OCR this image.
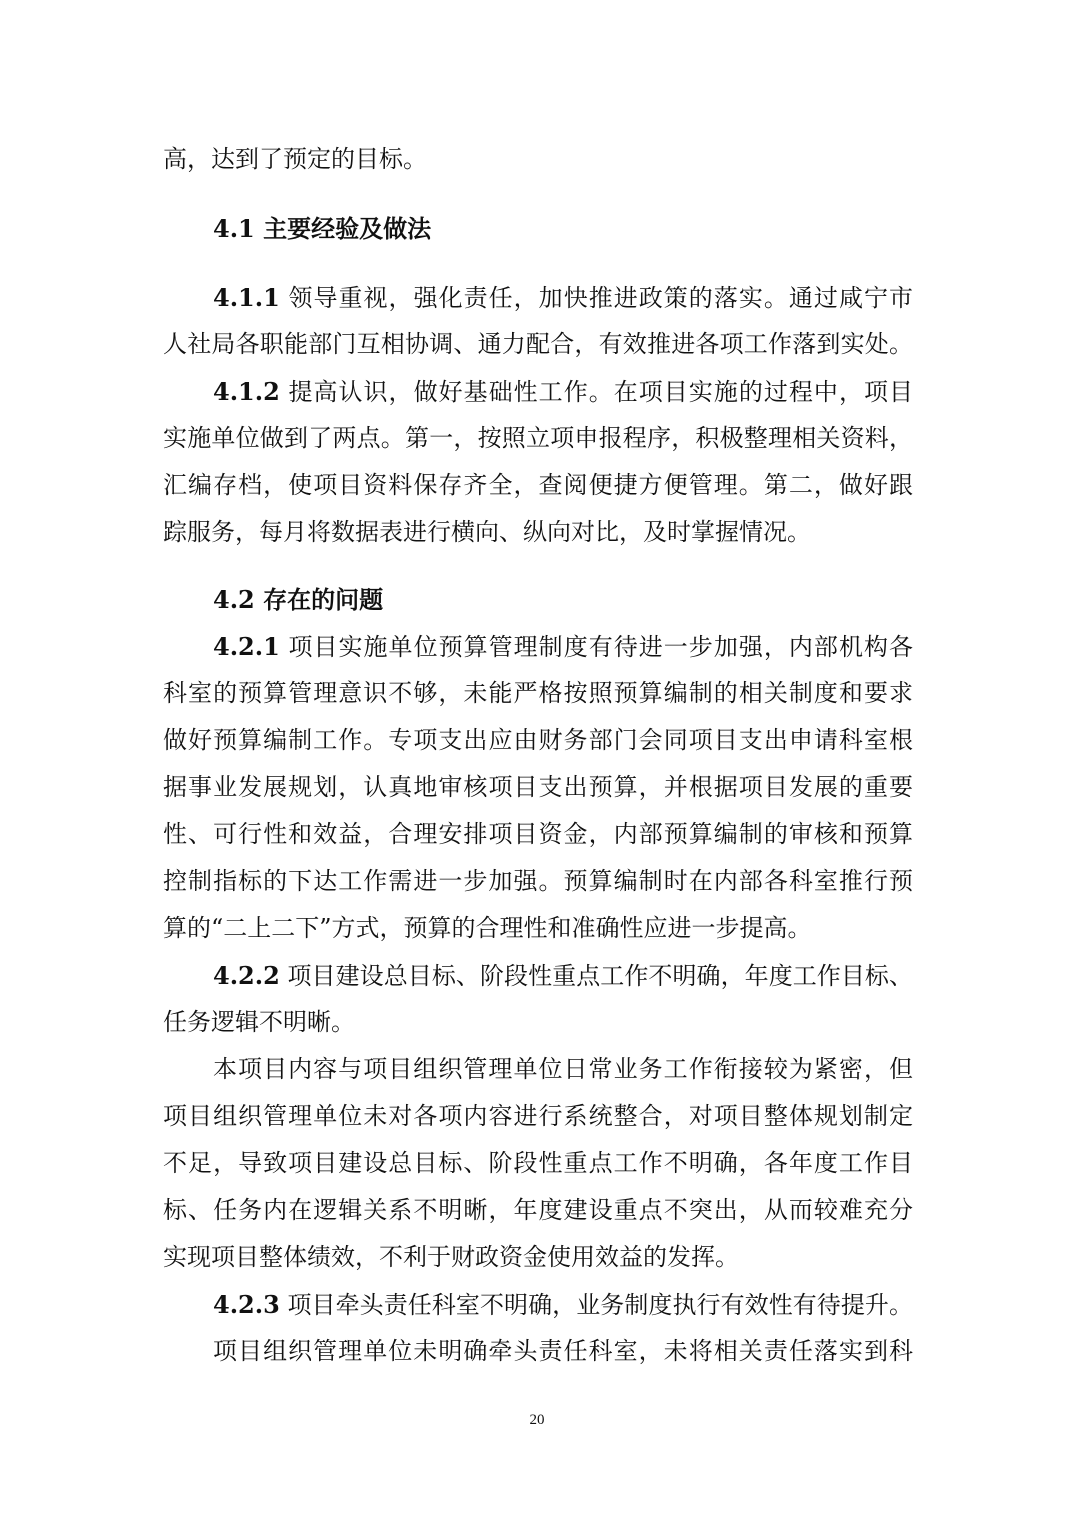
高，达到了预定的目标。
4.1 主要经验及做法
4.1.1 领导重视，强化责任，加快推进政策的落实。通过咸宁市
人社局各职能部门互相协调、通力配合，有效推进各项工作落到实处。
4.1.2 提高认识，做好基础性工作。在项目实施的过程中，项目
实施单位做到了两点。第一，按照立项申报程序，积极整理相关资料，
汇编存档，使项目资料保存齐全，查阅便捷方便管理。第二，做好跟
踪服务，每月将数据表进行横向、纵向对比，及时掌握情况。
4.2 存在的问题
4.2.1 项目实施单位预算管理制度有待进一步加强，内部机构各
科室的预算管理意识不够，未能严格按照预算编制的相关制度和要求
做好预算编制工作。专项支出应由财务部门会同项目支出申请科室根
据事业发展规划，认真地审核项目支出预算，并根据项目发展的重要
性、可行性和效益，合理安排项目资金，内部预算编制的审核和预算
控制指标的下达工作需进一步加强。预算编制时在内部各科室推行预
算的“二上二下”方式，预算的合理性和准确性应进一步提高。
4.2.2 项目建设总目标、阶段性重点工作不明确，年度工作目标、
任务逻辑不明晰。
本项目内容与项目组织管理单位日常业务工作衔接较为紧密，但
项目组织管理单位未对各项内容进行系统整合，对项目整体规划制定
不足，导致项目建设总目标、阶段性重点工作不明确，各年度工作目
标、任务内在逻辑关系不明晰，年度建设重点不突出，从而较难充分
实现项目整体绩效，不利于财政资金使用效益的发挥。
4.2.3 项目牵头责任科室不明确，业务制度执行有效性有待提升。
项目组织管理单位未明确牵头责任科室，未将相关责任落实到科
20
